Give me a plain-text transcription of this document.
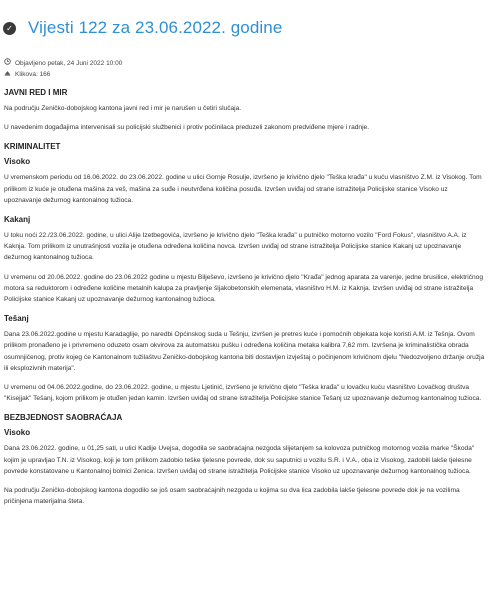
✓ Vijesti 122 za 23.06.2022. godine
Objavljeno petak, 24 Juni 2022 10:00
Klikova: 166
JAVNI RED I MIR

Na području Zeničko-dobojskog kantona javni red i mir je narušen u četiri slučaja.

U navedenim događajima intervenisali su policijski službenici i protiv počinilaca preduzeli zakonom predviđene mjere i radnje.

KRIMINALITET
Visoko

U vremenskom periodu od 16.06.2022. do 23.06.2022. godine u ulici Gornje Rosulje, izvršeno je krivično djelo "Teška krađa" u kuću vlasništvo Z.M. iz Visokog. Tom prilikom iz kuće je otuđena mašina za veš, mašina za suđe i neutvrđena količina posuđa. Izvršen uviđaj od strane istražitelja Policijske stanice Visoko uz upoznavanje dežurnog kantonalnog tužioca.

Kakanj

U toku noći 22./23.06.2022. godine, u ulici Alije Izetbegovića, izvršeno je krivično djelo "Teška krađa" u putničko motorno vozilo "Ford Fokus", vlasništvo A.A. iz Kaknja. Tom prilikom iz unutrašnjosti vozila je otuđena određena količina novca. Izvršen uviđaj od strane istražitelja Policijske stanice Kakanj uz upoznavanje dežurnog kantonalnog tužioca.

U vremenu od 20.06.2022. godine do 23.06.2022 godine u mjestu Bilješevo, izvršeno je krivično djelo "Krađa" jednog aparata za varenje, jedne brusilice, električnog motora sa reduktorom i određene količine metalnih kalupa za pravljenje šljakobetonskih elemenata, vlasništvo H.M. iz Kaknja. Izvršen uviđaj od strane istražitelja Policijske stanice Kakanj uz upoznavanje dežurnog kantonalnog tužioca.

Tešanj

Dana 23.06.2022.godine u mjestu Karadaglije, po naredbi Općinskog suda u Tešnju, izvršen je pretres kuće i pomoćnih objekata koje koristi A.M. iz Tešnja. Ovom prilikom pronađeno je i privremeno oduzeto osam okvirova za automatsku pušku i određena količina metaka kalibra 7,62 mm. Izvršena je kriminalistička obrada osumnjičenog, protiv kojeg će Kantonalnom tužilaštvu Zeničko-dobojskog kantona biti dostavljen izvještaj o počinjenom krivičnom djelu "Nedozvoljeno držanje oružja ili eksplozivnih materija".

U vremenu od 04.06.2022.godine, do 23.06.2022. godine, u mjestu Ljetinić, izvršeno je krivično djelo "Teška krađa" u lovačku kuću vlasništvo Lovačkog društva "Kisejjak" Tešanj, kojom prilikom je otuđen jedan kamin. Izvršen uviđaj od strane istražitelja Policijske stanice Tešanj uz upoznavanje dežurnog kantonalnog tužioca.

BEZBJEDNOST SAOBRAĆAJA
Visoko

Dana 23.06.2022. godine, u 01,25 sati, u ulici Kadije Uvejsa, dogodila se saobraćajna nezgoda slijetanjem sa kolovoza putničkog motornog vozila marke "Škoda" kojim je upravljao T.N. iz Visokog, koji je tom prilikom zadobio teške tjelesne povrede, dok su saputnici u vozilu S.R. i V.A., oba iz Visokog, zadobili lakše tjelesne povrede konstatovane u Kantonalnoj bolnici Zenica. Izvršen uviđaj od strane istražitelja Policijske stanice Visoko uz upoznavanje dežurnog kantonalnog tužioca.

Na području Zeničko-dobojskog kantona dogodilo se još osam saobraćajnih nezgoda u kojima su dva lica zadobila lakše tjelesne povrede dok je na vozilima pričinjena materijalna šteta.
